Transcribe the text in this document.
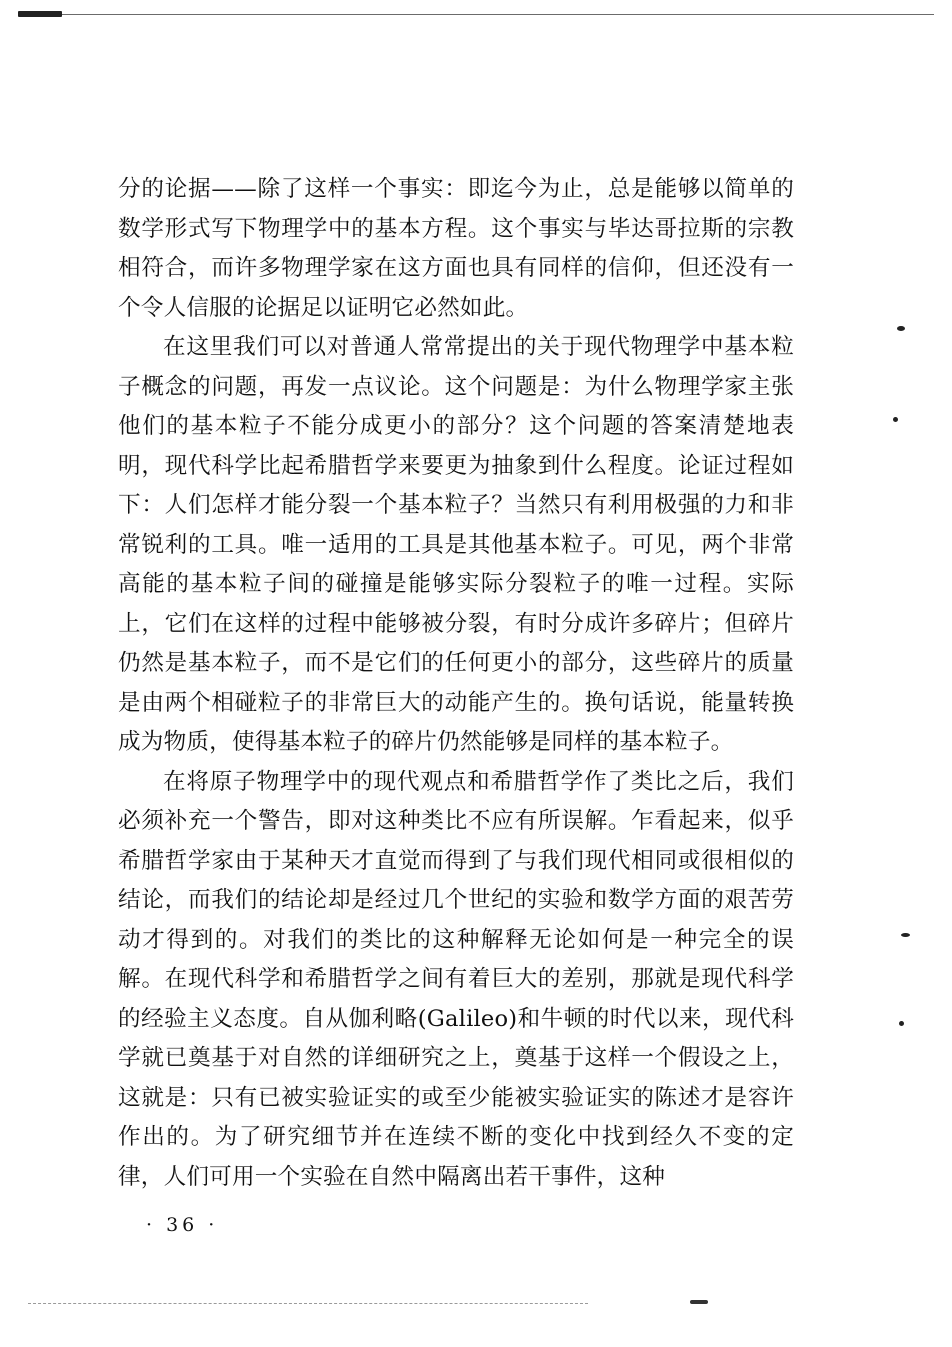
分的论据——除了这样一个事实：即迄今为止，总是能够以简单的数学形式写下物理学中的基本方程。这个事实与毕达哥拉斯的宗教相符合，而许多物理学家在这方面也具有同样的信仰，但还没有一个令人信服的论据足以证明它必然如此。

在这里我们可以对普通人常常提出的关于现代物理学中基本粒子概念的问题，再发一点议论。这个问题是：为什么物理学家主张他们的基本粒子不能分成更小的部分？这个问题的答案清楚地表明，现代科学比起希腊哲学来要更为抽象到什么程度。论证过程如下：人们怎样才能分裂一个基本粒子？当然只有利用极强的力和非常锐利的工具。唯一适用的工具是其他基本粒子。可见，两个非常高能的基本粒子间的碰撞是能够实际分裂粒子的唯一过程。实际上，它们在这样的过程中能够被分裂，有时分成许多碎片；但碎片仍然是基本粒子，而不是它们的任何更小的部分，这些碎片的质量是由两个相碰粒子的非常巨大的动能产生的。换句话说，能量转换成为物质，使得基本粒子的碎片仍然能够是同样的基本粒子。

在将原子物理学中的现代观点和希腊哲学作了类比之后，我们必须补充一个警告，即对这种类比不应有所误解。乍看起来，似乎希腊哲学家由于某种天才直觉而得到了与我们现代相同或很相似的结论，而我们的结论却是经过几个世纪的实验和数学方面的艰苦劳动才得到的。对我们的类比的这种解释无论如何是一种完全的误解。在现代科学和希腊哲学之间有着巨大的差别，那就是现代科学的经验主义态度。自从伽利略(Galileo)和牛顿的时代以来，现代科学就已奠基于对自然的详细研究之上，奠基于这样一个假设之上，这就是：只有已被实验证实的或至少能被实验证实的陈述才是容许作出的。为了研究细节并在连续不断的变化中找到经久不变的定律，人们可用一个实验在自然中隔离出若干事件，这种

· 36 ·
